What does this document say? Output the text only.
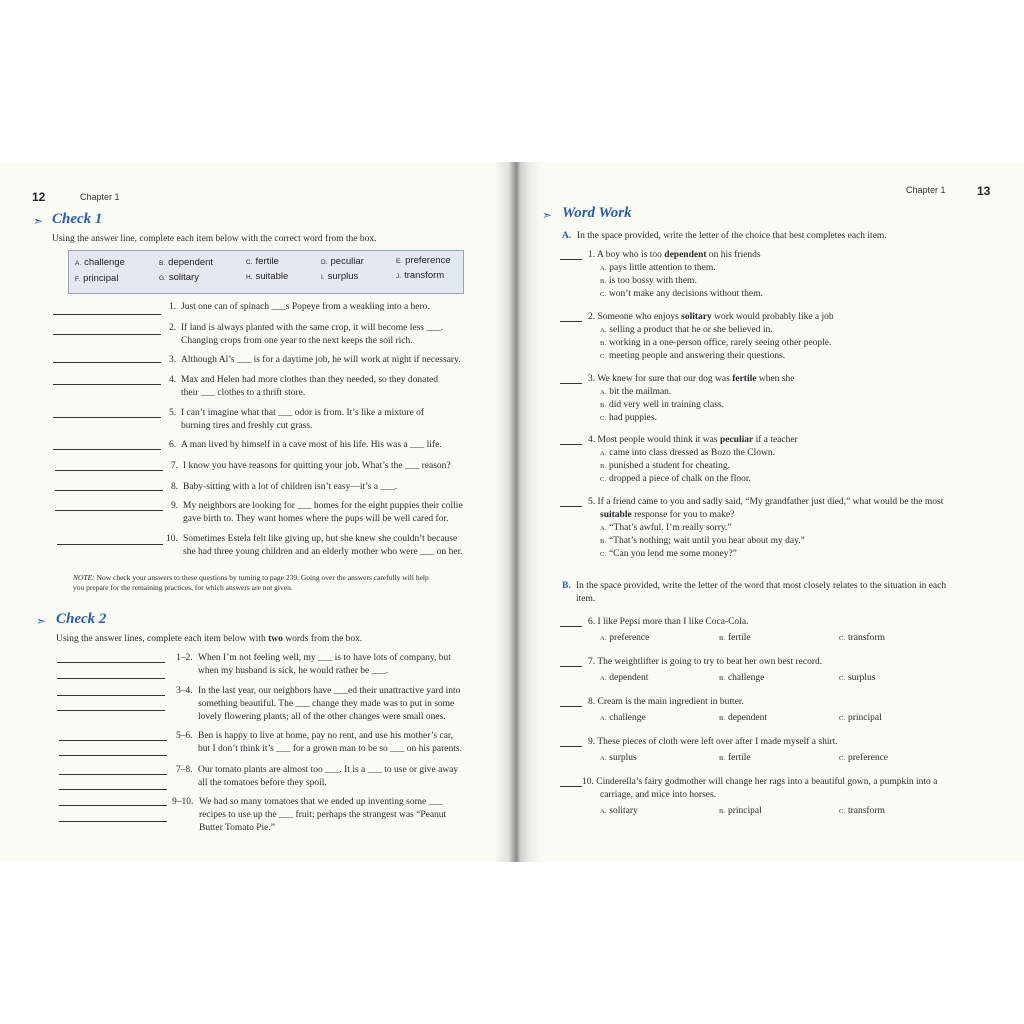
12	Chapter 1
➣ Check 1
Using the answer line, complete each item below with the correct word from the box.
A. challenge	B. dependent	C. fertile	D. peculiar	E. preference
F. principal	G. solitary	H. suitable	I. surplus	J. transform
1. Just one can of spinach ___s Popeye from a weakling into a hero.
2. If land is always planted with the same crop, it will become less ___.
Changing crops from one year to the next keeps the soil rich.
3. Although Al’s ___ is for a daytime job, he will work at night if necessary.
4. Max and Helen had more clothes than they needed, so they donated
their ___ clothes to a thrift store.
5. I can’t imagine what that ___ odor is from. It’s like a mixture of
burning tires and freshly cut grass.
6. A man lived by himself in a cave most of his life. His was a ___ life.
7. I know you have reasons for quitting your job. What’s the ___ reason?
8. Baby-sitting with a lot of children isn’t easy—it’s a ___.
9. My neighbors are looking for ___ homes for the eight puppies their collie
gave birth to. They want homes where the pups will be well cared for.
10. Sometimes Estela felt like giving up, but she knew she couldn’t because
she had three young children and an elderly mother who were ___ on her.
NOTE: Now check your answers to these questions by turning to page 239. Going over the answers carefully will help
you prepare for the remaining practices, for which answers are not given.
➣ Check 2
Using the answer lines, complete each item below with two words from the box.
1–2. When I’m not feeling well, my ___ is to have lots of company, but
when my husband is sick, he would rather be ___.
3–4. In the last year, our neighbors have ___ed their unattractive yard into
something beautiful. The ___ change they made was to put in some
lovely flowering plants; all of the other changes were small ones.
5–6. Ben is happy to live at home, pay no rent, and use his mother’s car,
but I don’t think it’s ___ for a grown man to be so ___ on his parents.
7–8. Our tomato plants are almost too ___. It is a ___ to use or give away
all the tomatoes before they spoil.
9–10. We had so many tomatoes that we ended up inventing some ___
recipes to use up the ___ fruit; perhaps the strangest was “Peanut
Butter Tomato Pie.”
Chapter 1	13
➣ Word Work
A. In the space provided, write the letter of the choice that best completes each item.
1. A boy who is too dependent on his friends
A. pays little attention to them.
B. is too bossy with them.
C. won’t make any decisions without them.
2. Someone who enjoys solitary work would probably like a job
A. selling a product that he or she believed in.
B. working in a one-person office, rarely seeing other people.
C. meeting people and answering their questions.
3. We knew for sure that our dog was fertile when she
A. bit the mailman.
B. did very well in training class.
C. had puppies.
4. Most people would think it was peculiar if a teacher
A. came into class dressed as Bozo the Clown.
B. punished a student for cheating.
C. dropped a piece of chalk on the floor.
5. If a friend came to you and sadly said, “My grandfather just died,” what would be the most
suitable response for you to make?
A. “That’s awful. I’m really sorry.”
B. “That’s nothing; wait until you hear about my day.”
C. “Can you lend me some money?”
B. In the space provided, write the letter of the word that most closely relates to the situation in each
item.
6. I like Pepsi more than I like Coca-Cola.
A. preference	B. fertile	C. transform
7. The weightlifter is going to try to beat her own best record.
A. dependent	B. challenge	C. surplus
8. Cream is the main ingredient in butter.
A. challenge	B. dependent	C. principal
9. These pieces of cloth were left over after I made myself a shirt.
A. surplus	B. fertile	C. preference
10. Cinderella’s fairy godmother will change her rags into a beautiful gown, a pumpkin into a
carriage, and mice into horses.
A. solitary	B. principal	C. transform
